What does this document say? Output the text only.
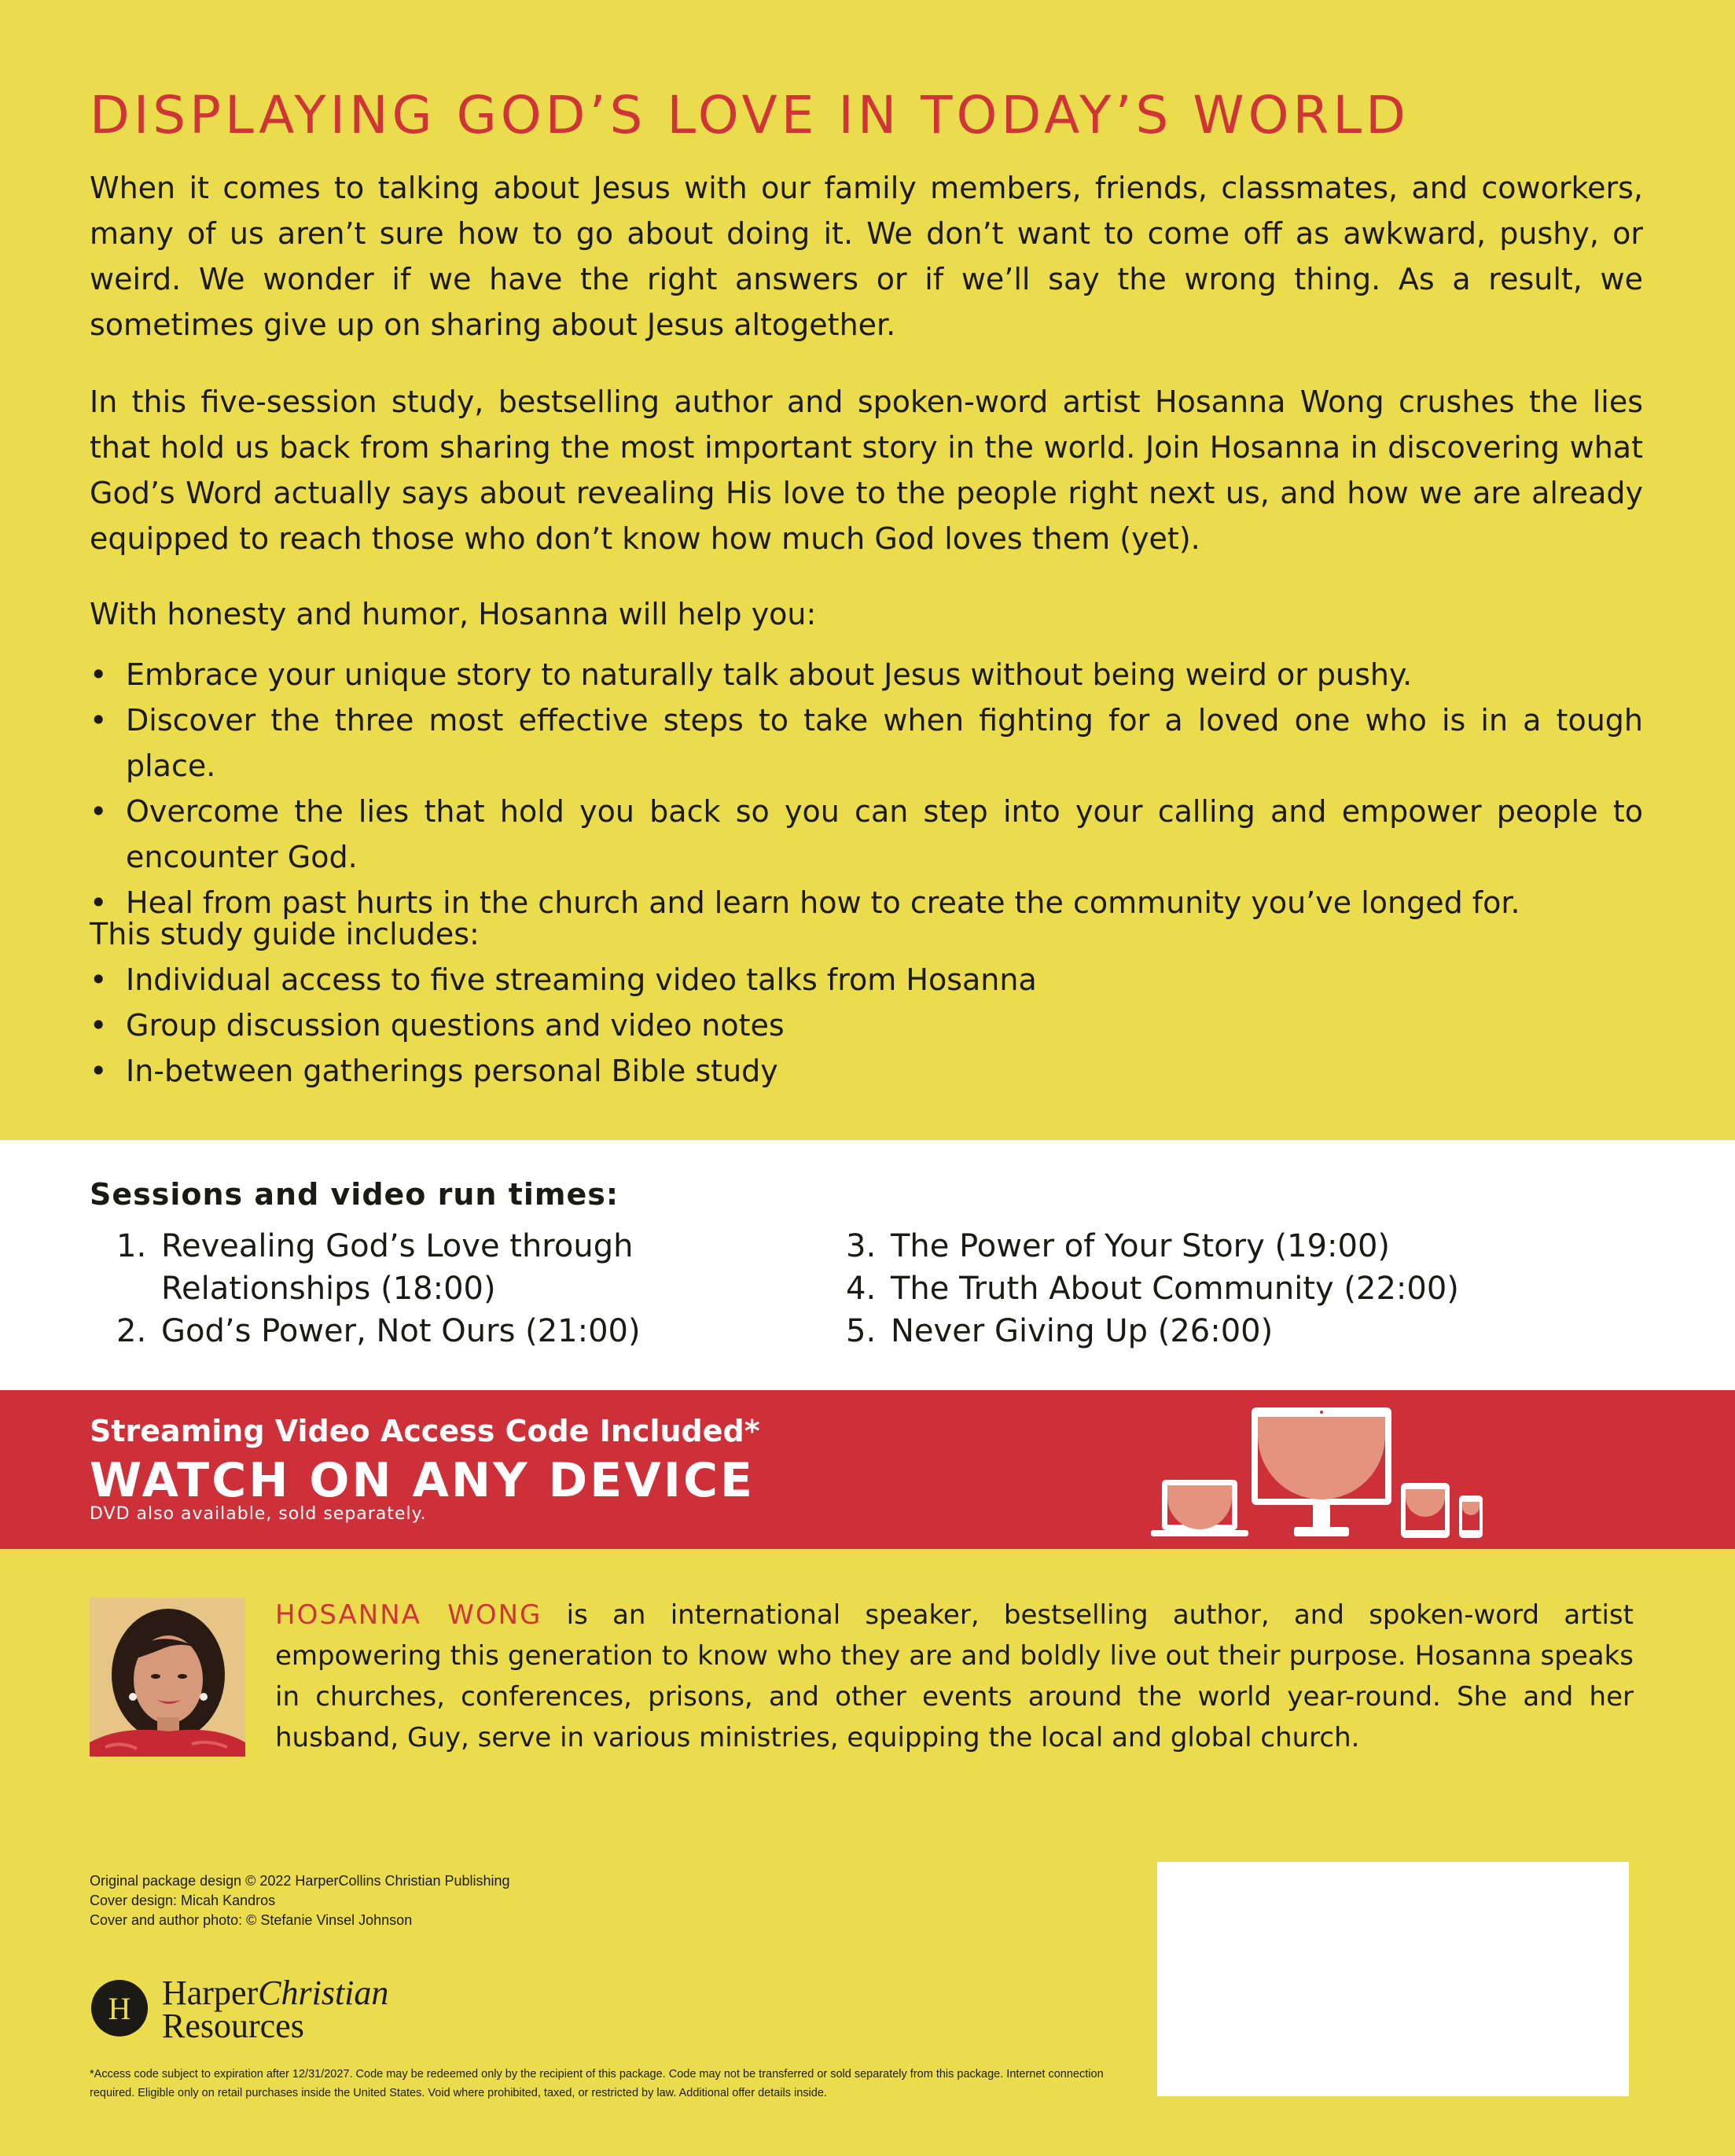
DISPLAYING GOD’S LOVE IN TODAY’S WORLD

When it comes to talking about Jesus with our family members, friends, classmates, and coworkers, many of us aren’t sure how to go about doing it. We don’t want to come off as awkward, pushy, or weird. We wonder if we have the right answers or if we’ll say the wrong thing. As a result, we sometimes give up on sharing about Jesus altogether.

In this five-session study, bestselling author and spoken-word artist Hosanna Wong crushes the lies that hold us back from sharing the most important story in the world. Join Hosanna in discovering what God’s Word actually says about revealing His love to the people right next us, and how we are already equipped to reach those who don’t know how much God loves them (yet).

With honesty and humor, Hosanna will help you:

• Embrace your unique story to naturally talk about Jesus without being weird or pushy.
• Discover the three most effective steps to take when fighting for a loved one who is in a tough place.
• Overcome the lies that hold you back so you can step into your calling and empower people to encounter God.
• Heal from past hurts in the church and learn how to create the community you’ve longed for.

This study guide includes:

• Individual access to five streaming video talks from Hosanna
• Group discussion questions and video notes
• In-between gatherings personal Bible study
Sessions and video run times:
1. Revealing God’s Love through Relationships (18:00)
2. God’s Power, Not Ours (21:00)
3. The Power of Your Story (19:00)
4. The Truth About Community (22:00)
5. Never Giving Up (26:00)
Streaming Video Access Code Included*
WATCH ON ANY DEVICE
DVD also available, sold separately.

HOSANNA WONG is an international speaker, bestselling author, and spoken-word artist empowering this generation to know who they are and boldly live out their purpose. Hosanna speaks in churches, conferences, prisons, and other events around the world year-round. She and her husband, Guy, serve in various ministries, equipping the local and global church.

Original package design © 2022 HarperCollins Christian Publishing
Cover design: Micah Kandros
Cover and author photo: © Stefanie Vinsel Johnson
H HarperChristian
Resources

*Access code subject to expiration after 12/31/2027. Code may be redeemed only by the recipient of this package. Code may not be transferred or sold separately from this package. Internet connection required. Eligible only on retail purchases inside the United States. Void where prohibited, taxed, or restricted by law. Additional offer details inside.
